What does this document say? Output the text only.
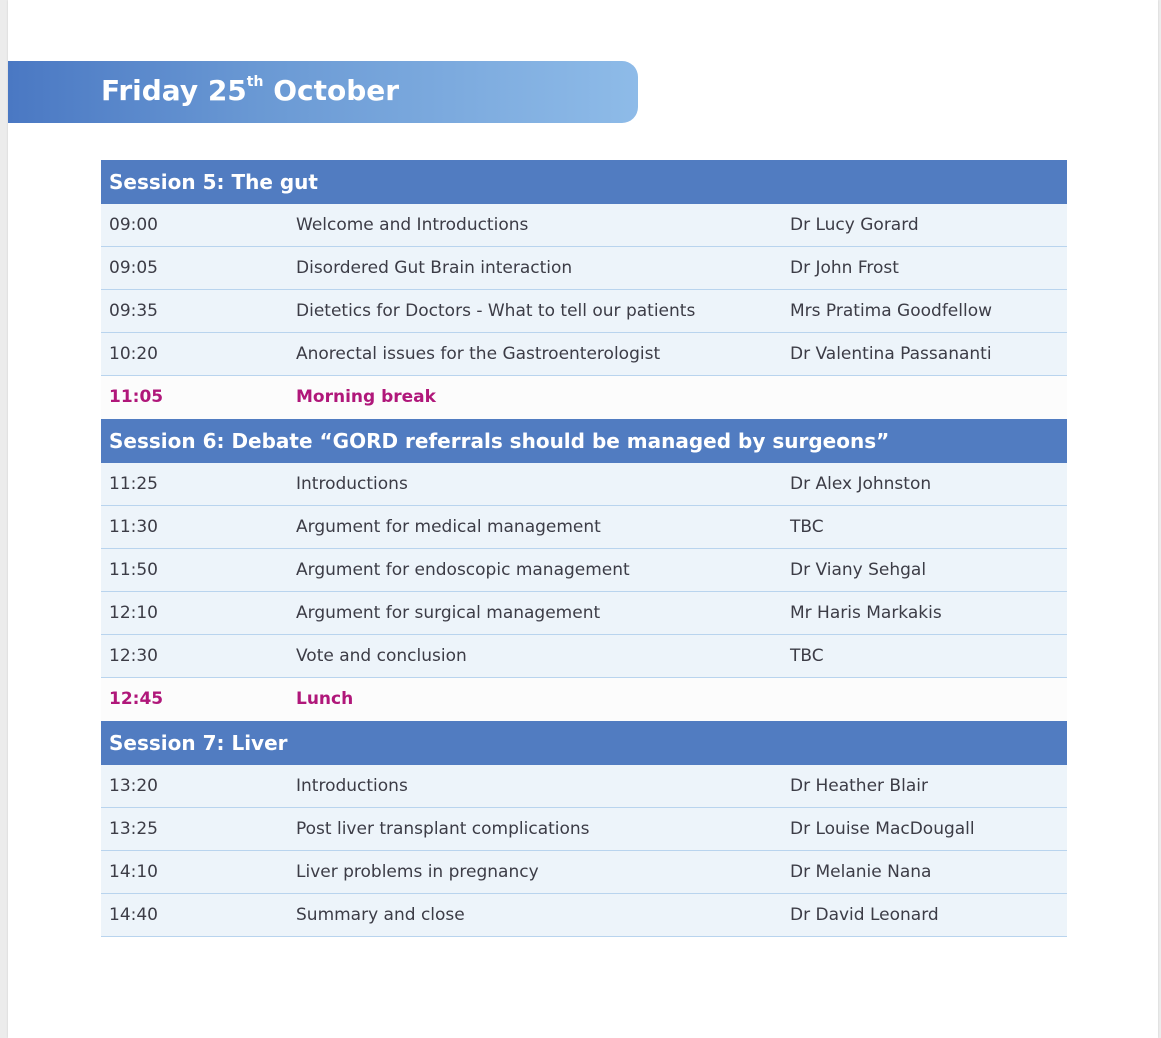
Friday 25th October
Session 5: The gut
09:00	Welcome and Introductions	Dr Lucy Gorard
09:05	Disordered Gut Brain interaction	Dr John Frost
09:35	Dietetics for Doctors - What to tell our patients	Mrs Pratima Goodfellow
10:20	Anorectal issues for the Gastroenterologist	Dr Valentina Passananti
11:05	Morning break
Session 6: Debate “GORD referrals should be managed by surgeons”
11:25	Introductions	Dr Alex Johnston
11:30	Argument for medical management	TBC
11:50	Argument for endoscopic management	Dr Viany Sehgal
12:10	Argument for surgical management	Mr Haris Markakis
12:30	Vote and conclusion	TBC
12:45	Lunch
Session 7: Liver
13:20	Introductions	Dr Heather Blair
13:25	Post liver transplant complications	Dr Louise MacDougall
14:10	Liver problems in pregnancy	Dr Melanie Nana
14:40	Summary and close	Dr David Leonard
